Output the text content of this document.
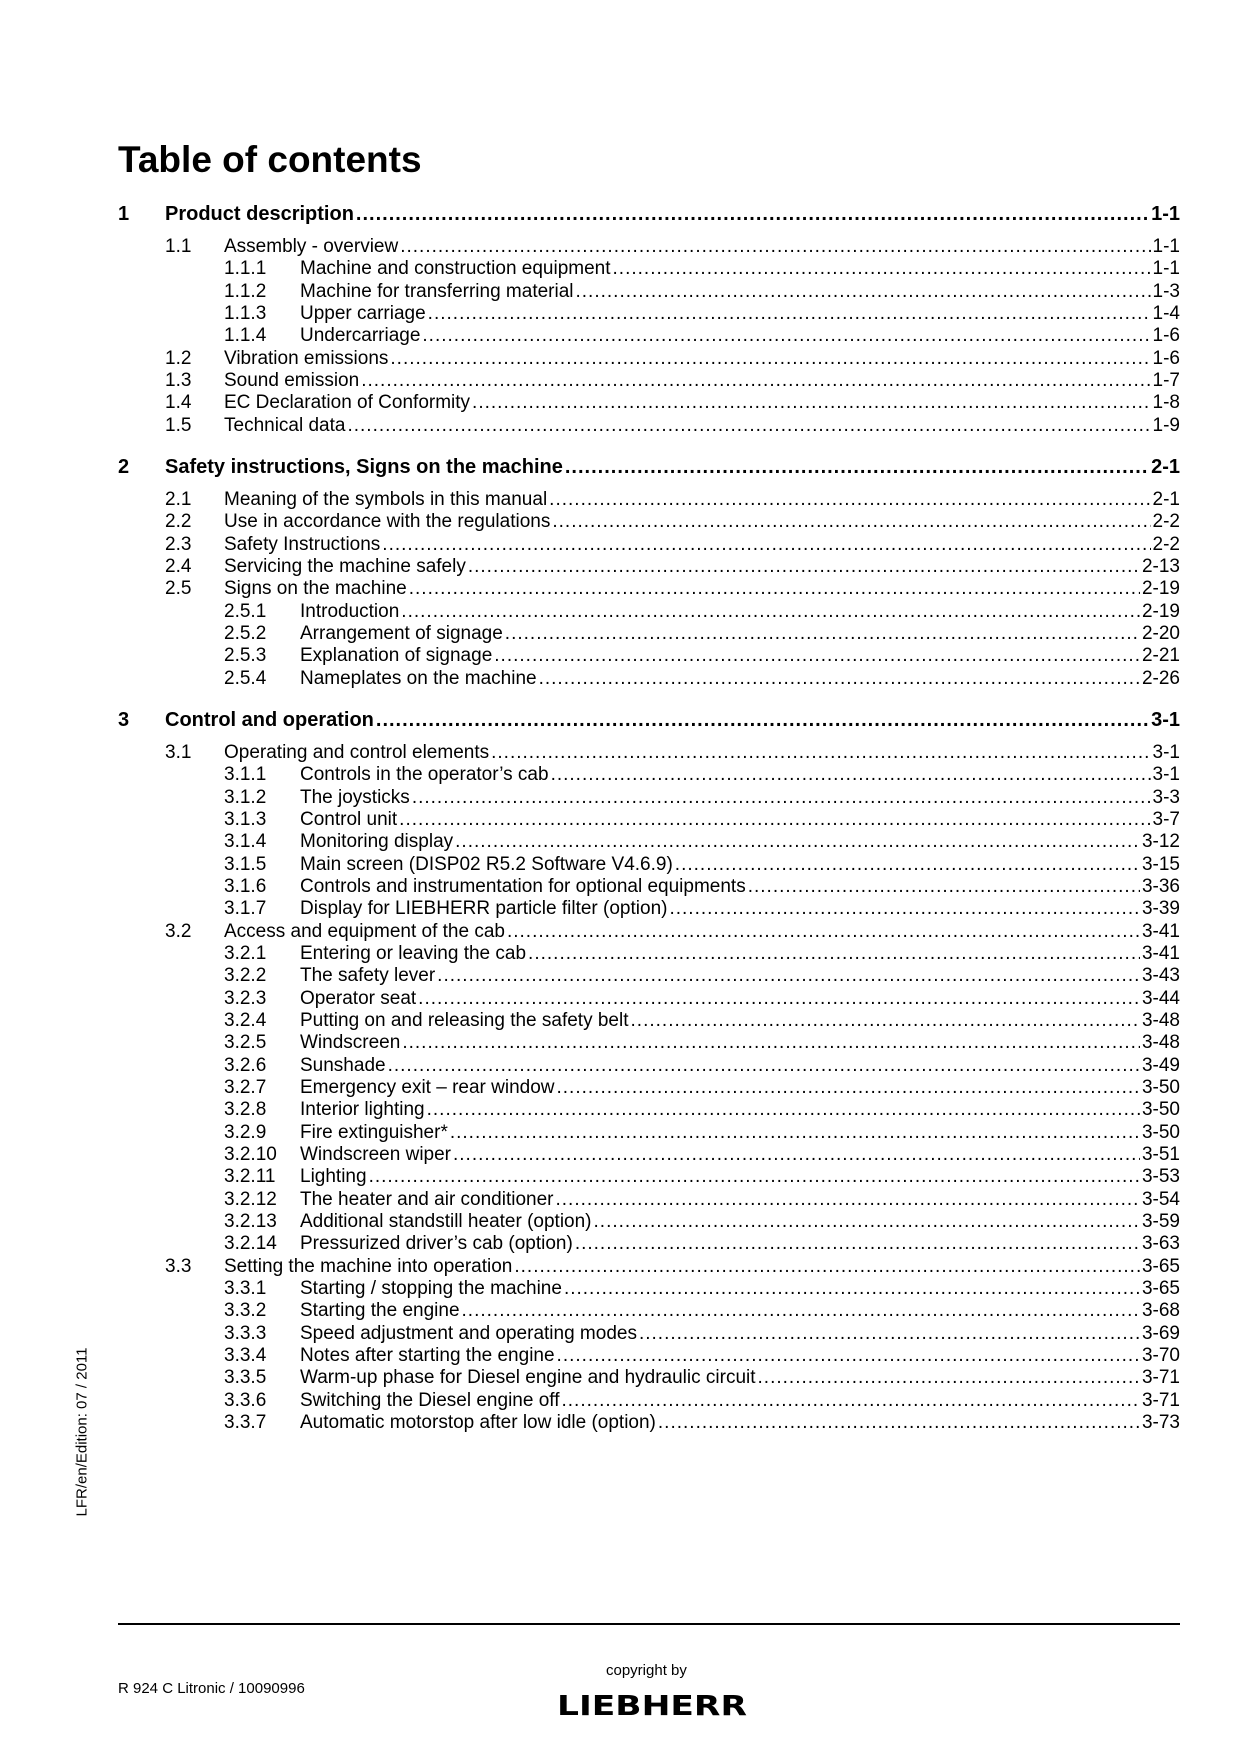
Table of contents
1	Product description .....	1-1
1.1	Assembly - overview .....	1-1
1.1.1	Machine and construction equipment .....	1-1
1.1.2	Machine for transferring material .....	1-3
1.1.3	Upper carriage .....	1-4
1.1.4	Undercarriage .....	1-6
1.2	Vibration emissions .....	1-6
1.3	Sound emission .....	1-7
1.4	EC Declaration of Conformity .....	1-8
1.5	Technical data .....	1-9
2	Safety instructions, Signs on the machine .....	2-1
2.1	Meaning of the symbols in this manual .....	2-1
2.2	Use in accordance with the regulations .....	2-2
2.3	Safety Instructions .....	2-2
2.4	Servicing the machine safely .....	2-13
2.5	Signs on the machine .....	2-19
2.5.1	Introduction .....	2-19
2.5.2	Arrangement of signage .....	2-20
2.5.3	Explanation of signage .....	2-21
2.5.4	Nameplates on the machine .....	2-26
3	Control and operation .....	3-1
3.1	Operating and control elements .....	3-1
3.1.1	Controls in the operator’s cab .....	3-1
3.1.2	The joysticks .....	3-3
3.1.3	Control unit .....	3-7
3.1.4	Monitoring display .....	3-12
3.1.5	Main screen (DISP02 R5.2 Software V4.6.9) .....	3-15
3.1.6	Controls and instrumentation for optional equipments .....	3-36
3.1.7	Display for LIEBHERR particle filter (option) .....	3-39
3.2	Access and equipment of the cab .....	3-41
3.2.1	Entering or leaving the cab .....	3-41
3.2.2	The safety lever .....	3-43
3.2.3	Operator seat .....	3-44
3.2.4	Putting on and releasing the safety belt .....	3-48
3.2.5	Windscreen .....	3-48
3.2.6	Sunshade .....	3-49
3.2.7	Emergency exit – rear window .....	3-50
3.2.8	Interior lighting .....	3-50
3.2.9	Fire extinguisher* .....	3-50
3.2.10	Windscreen wiper .....	3-51
3.2.11	Lighting .....	3-53
3.2.12	The heater and air conditioner .....	3-54
3.2.13	Additional standstill heater (option) .....	3-59
3.2.14	Pressurized driver’s cab (option) .....	3-63
3.3	Setting the machine into operation .....	3-65
3.3.1	Starting / stopping the machine .....	3-65
3.3.2	Starting the engine .....	3-68
3.3.3	Speed adjustment and operating modes .....	3-69
3.3.4	Notes after starting the engine .....	3-70
3.3.5	Warm-up phase for Diesel engine and hydraulic circuit .....	3-71
3.3.6	Switching the Diesel engine off .....	3-71
3.3.7	Automatic motorstop after low idle (option) .....	3-73
LFR/en/Edition: 07 / 2011
R 924 C Litronic / 10090996
copyright by
LIEBHERR
